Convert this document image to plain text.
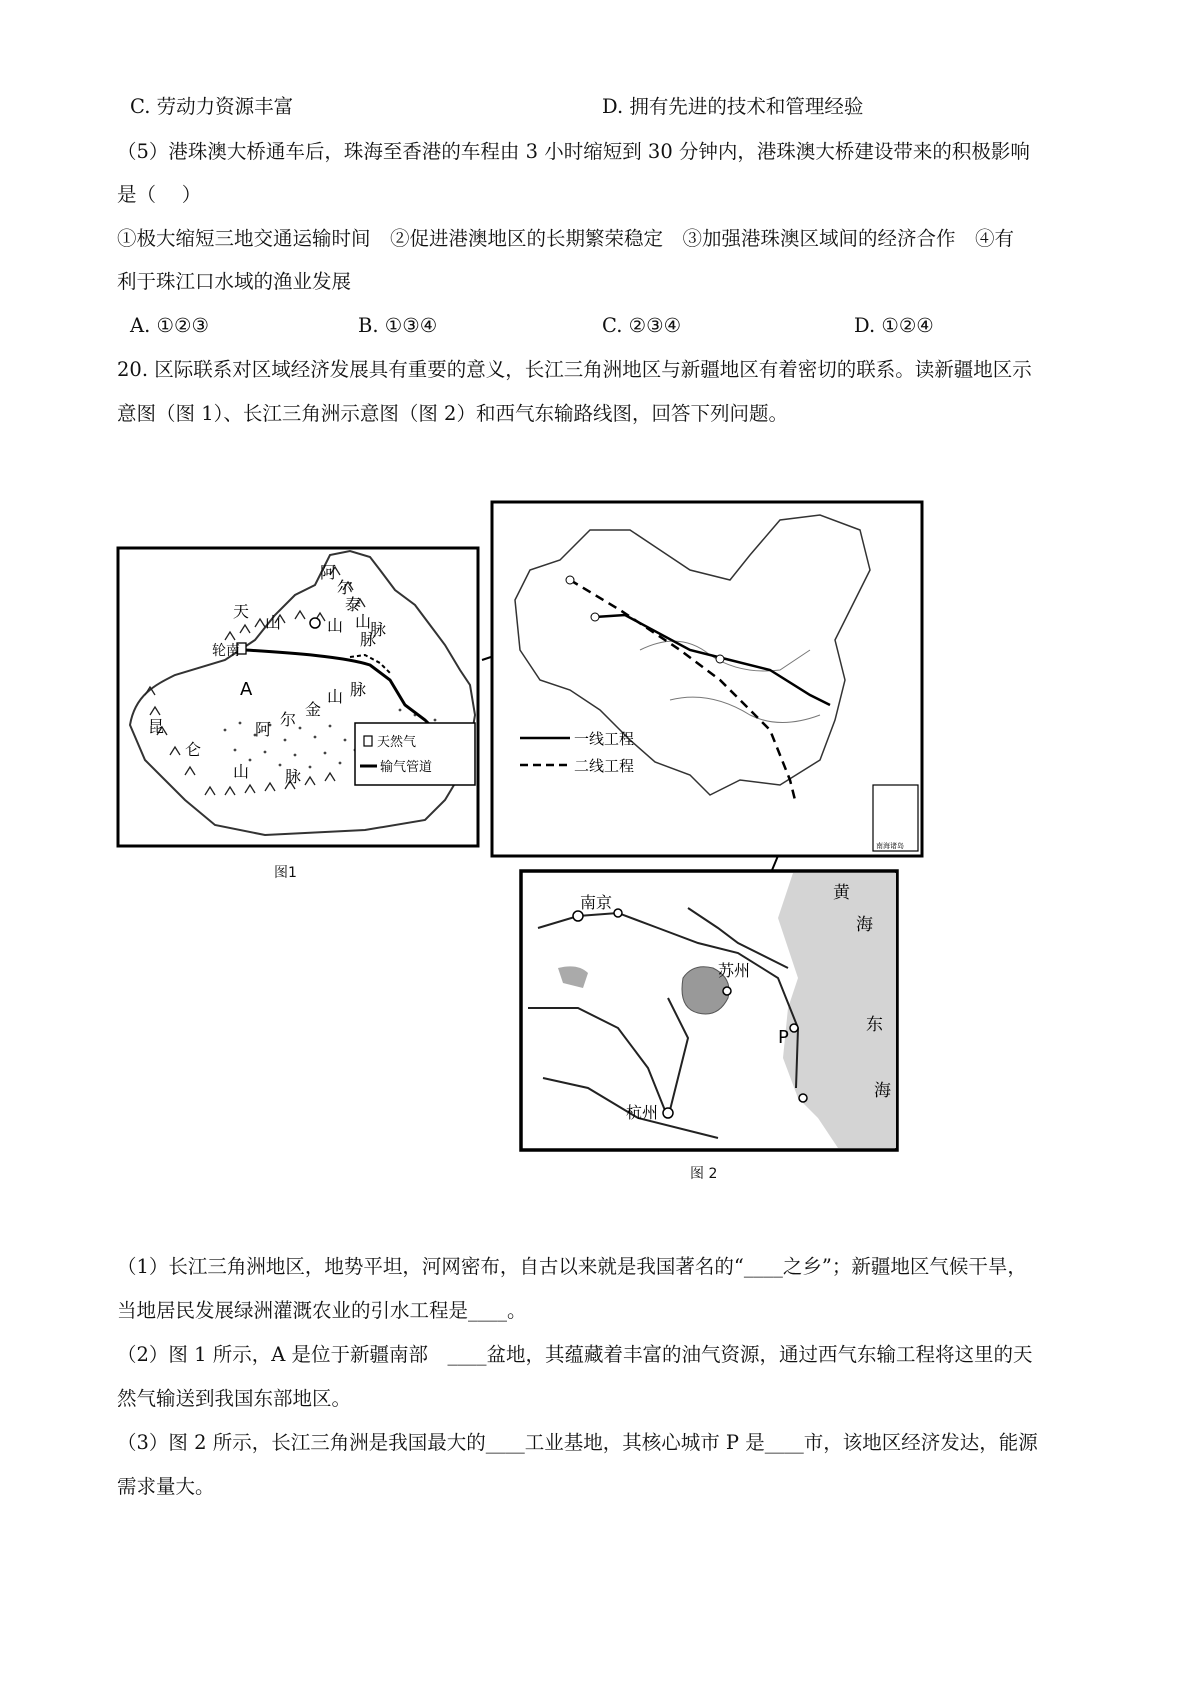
C. 劳动力资源丰富	D. 拥有先进的技术和管理经验
（5）港珠澳大桥通车后，珠海至香港的车程由 3 小时缩短到 30 分钟内，港珠澳大桥建设带来的积极影响
是（　 ）
①极大缩短三地交通运输时间　②促进港澳地区的长期繁荣稳定　③加强港珠澳区域间的经济合作　④有
利于珠江口水域的渔业发展
A. ①②③	B. ①③④	C. ②③④	D. ①②④
20. 区际联系对区域经济发展具有重要的意义，长江三角洲地区与新疆地区有着密切的联系。读新疆地区示
意图（图 1）、长江三角洲示意图（图 2）和西气东输路线图，回答下列问题。
轮南
A
阿
尔
泰
山
脉
天
山	山 脉
昆
仑
山 脉
阿
尔
金
山 脉
天然气
输气管道
图1
一线工程
二线工程
南海诸岛
南京
苏州
P
杭州
黄
海
东
海
图 2
（1）长江三角洲地区，地势平坦，河网密布，自古以来就是我国著名的“____之乡”；新疆地区气候干旱，
当地居民发展绿洲灌溉农业的引水工程是____。
（2）图 1 所示，A 是位于新疆南部　____盆地，其蕴藏着丰富的油气资源，通过西气东输工程将这里的天
然气输送到我国东部地区。
（3）图 2 所示，长江三角洲是我国最大的____工业基地，其核心城市 P 是____市，该地区经济发达，能源
需求量大。
